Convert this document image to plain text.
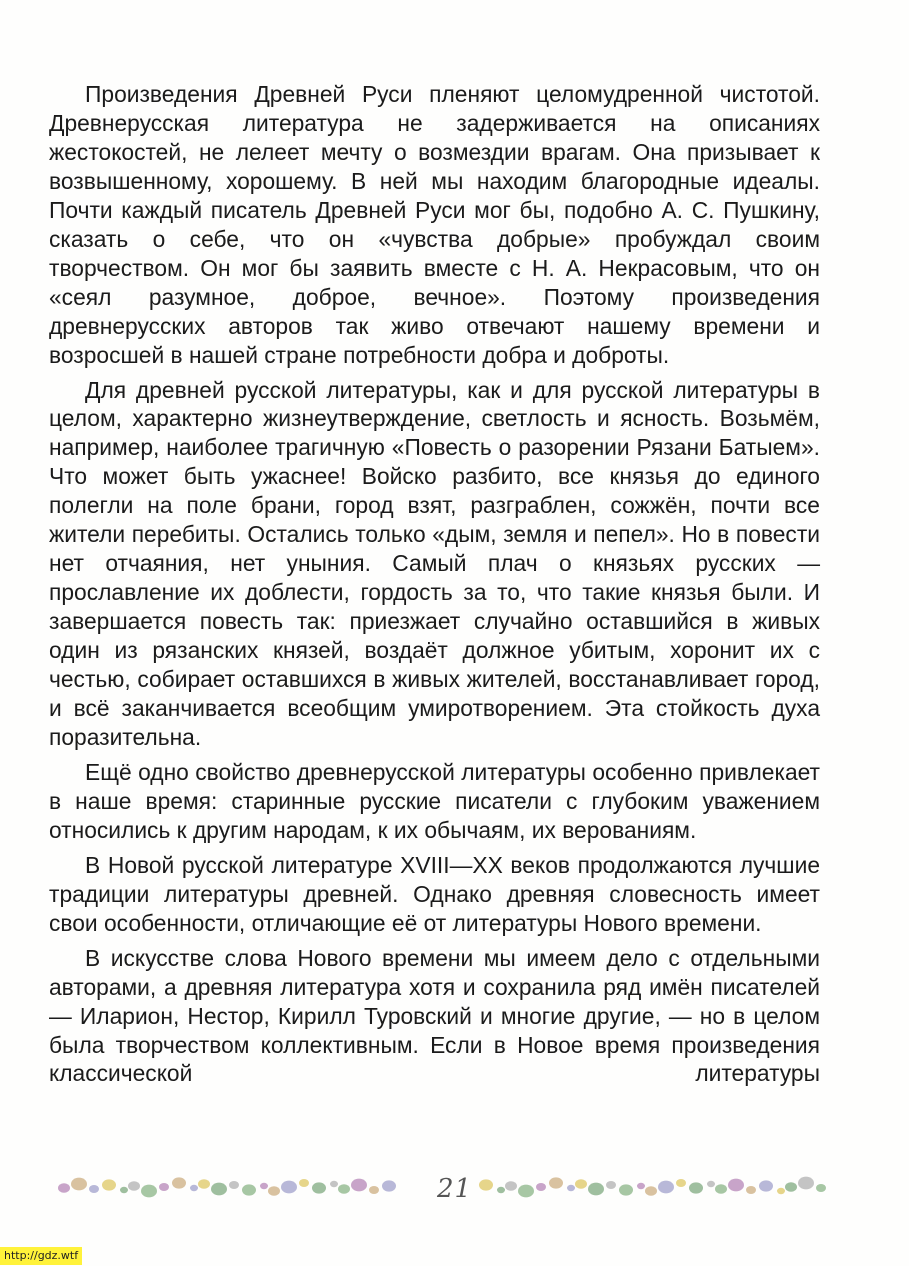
Произведения Древней Руси пленяют целомудренной чистотой. Древнерусская литература не задерживается на описаниях жестокостей, не лелеет мечту о возмездии врагам. Она призывает к возвышенному, хорошему. В ней мы находим благородные идеалы. Почти каждый писатель Древней Руси мог бы, подобно А. С. Пушкину, сказать о себе, что он «чувства добрые» пробуждал своим творчеством. Он мог бы заявить вместе с Н. А. Некрасовым, что он «сеял разумное, доброе, вечное». Поэтому произведения древнерусских авторов так живо отвечают нашему времени и возросшей в нашей стране потребности добра и доброты.

Для древней русской литературы, как и для русской литературы в целом, характерно жизнеутверждение, светлость и ясность. Возьмём, например, наиболее трагичную «Повесть о разорении Рязани Батыем». Что может быть ужаснее! Войско разбито, все князья до единого полегли на поле брани, город взят, разграблен, сожжён, почти все жители перебиты. Остались только «дым, земля и пепел». Но в повести нет отчаяния, нет уныния. Самый плач о князьях русских — прославление их доблести, гордость за то, что такие князья были. И завершается повесть так: приезжает случайно оставшийся в живых один из рязанских князей, воздаёт должное убитым, хоронит их с честью, собирает оставшихся в живых жителей, восстанавливает город, и всё заканчивается всеобщим умиротворением. Эта стойкость духа поразительна.

Ещё одно свойство древнерусской литературы особенно привлекает в наше время: старинные русские писатели с глубоким уважением относились к другим народам, к их обычаям, их верованиям.

В Новой русской литературе XVIII—XX веков продолжаются лучшие традиции литературы древней. Однако древняя словесность имеет свои особенности, отличающие её от литературы Нового времени.

В искусстве слова Нового времени мы имеем дело с отдельными авторами, а древняя литература хотя и сохранила ряд имён писателей — Иларион, Нестор, Кирилл Туровский и многие другие, — но в целом была творчеством коллективным. Если в Новое время произведения классической литературы

21
http://gdz.wtf
